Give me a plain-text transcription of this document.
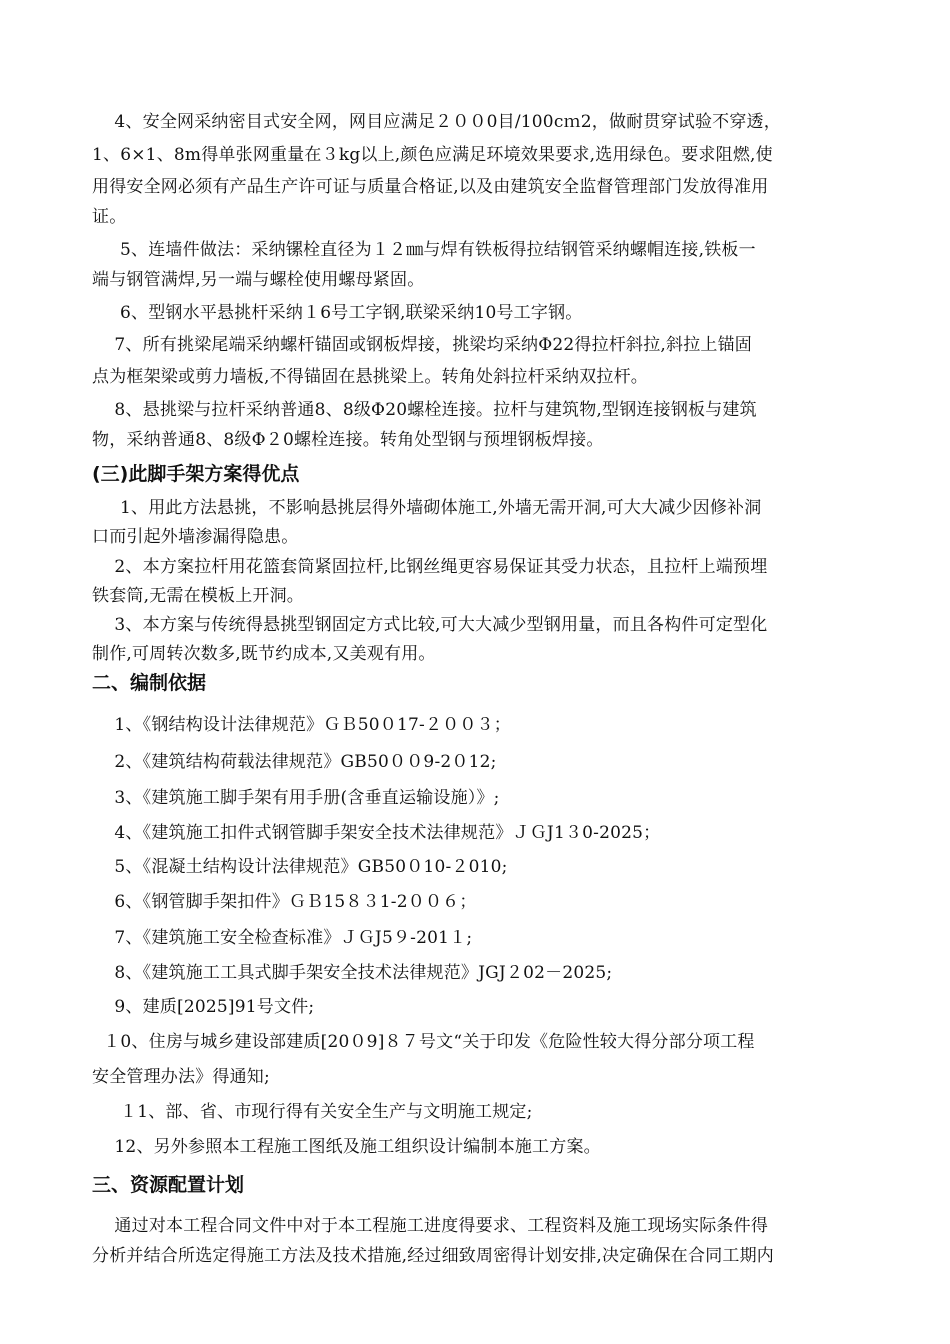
4、安全网采纳密目式安全网，网目应满足２００0目/100cｍ2，做耐贯穿试验不穿透，
1、6×1、8m得单张网重量在３kg以上,颜色应满足环境效果要求,选用绿色。要求阻燃,使
用得安全网必须有产品生产许可证与质量合格证,以及由建筑安全监督管理部门发放得准用
证。
5、连墙件做法：采纳镙栓直径为１２㎜与焊有铁板得拉结钢管采纳螺帽连接,铁板一
端与钢管满焊,另一端与螺栓使用螺母紧固。
6、型钢水平悬挑杆采纳１6号工字钢,联梁采纳10号工字钢。
7、所有挑梁尾端采纳螺杆锚固或钢板焊接，挑梁均采纳Φ22得拉杆斜拉,斜拉上锚固
点为框架梁或剪力墙板,不得锚固在悬挑梁上。转角处斜拉杆采纳双拉杆。
8、悬挑梁与拉杆采纳普通8、8级Φ20螺栓连接。拉杆与建筑物,型钢连接钢板与建筑
物，采纳普通8、8级Φ２0螺栓连接。转角处型钢与预埋钢板焊接。
(三)此脚手架方案得优点
1、用此方法悬挑，不影响悬挑层得外墙砌体施工,外墙无需开洞,可大大减少因修补洞
口而引起外墙渗漏得隐患。
2、本方案拉杆用花篮套筒紧固拉杆,比钢丝绳更容易保证其受力状态，且拉杆上端预埋
铁套筒,无需在模板上开洞。
3、本方案与传统得悬挑型钢固定方式比较,可大大减少型钢用量，而且各构件可定型化
制作,可周转次数多,既节约成本,又美观有用。
二、编制依据
1、《钢结构设计法律规范》ＧＢ50０17-２００３；
2、《建筑结构荷载法律规范》GB50００9-2０12;
3、《建筑施工脚手架有用手册(含垂直运输设施）》;
4、《建筑施工扣件式钢管脚手架安全技术法律规范》ＪＧJ1３0-2025；
5、《混凝土结构设计法律规范》GB50０10-２010;
6、《钢管脚手架扣件》ＧＢ15８３1-2００６；
7、《建筑施工安全检查标准》ＪＧJ5９-201１;
8、《建筑施工工具式脚手架安全技术法律规范》JGJ２02－2025;
9、建质[2025]91号文件;
１0、住房与城乡建设部建质[20０9]８７号文“关于印发《危险性较大得分部分项工程
安全管理办法》得通知;
１1、部、省、市现行得有关安全生产与文明施工规定;
12、另外参照本工程施工图纸及施工组织设计编制本施工方案。
三、资源配置计划
通过对本工程合同文件中对于本工程施工进度得要求、工程资料及施工现场实际条件得
分析并结合所选定得施工方法及技术措施,经过细致周密得计划安排,决定确保在合同工期内
